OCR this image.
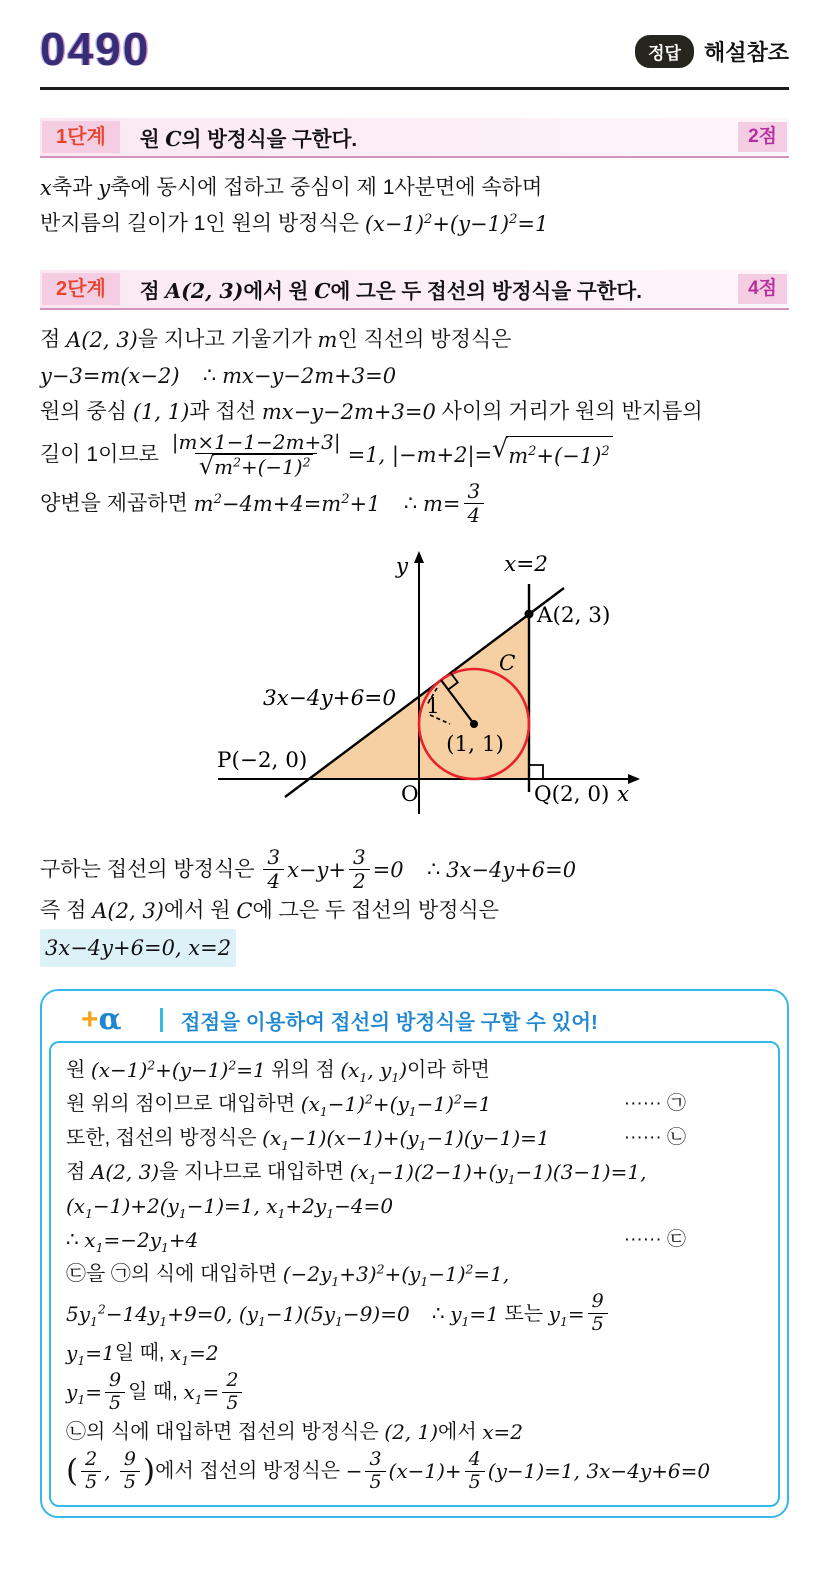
0490	정답	해설참조
1단계	원 C의 방정식을 구한다.	2점
x 축과 y 축에 동시에 접하고 중심이 제 1사분면에 속하며
반지름의 길이가 1인 원의 방정식은 $(x-1)^2+(y-1)^2=1$
2단계	점 A(2, 3)에서 원 C에 그은 두 접선의 방정식을 구한다.	4점
점 A(2, 3) 을 지나고 기울기가 m 인 직선의 방정식은
y−3=m(x−2) ∴ mx−y−2m+3=0
원의 중심 (1, 1) 과 접선 mx−y−2m+3=0 사이의 거리가 원의 반지름의
길이 1이므로 $\frac{|m\times 1-1-2m+3|}{√ m^2+(-1)^2} =1$, |−m+2|= √ $m^2+(-1)^2$
양변을 제곱하면 $m^2-4m+4=m^2+1$ ∴ $m= \frac{3}{4}$
y
x
x=2
A(2, 3)
C
3x−4y+6=0
P(−2, 0)
O	Q(2, 0)
1
(1, 1)
구하는 접선의 방정식은 3
4 $x-y+ \frac{3}{2} =0$ ∴ 3x−4y+6=0
즉 점 A(2, 3) 에서 원 C 에 그은 두 접선의 방정식은
3x−4y+6=0, x=2
+α	접점을 이용하여 접선의 방정식을 구할 수 있어!
원 $(x-1)^2+(y-1)^2=1$ 위의 점 ($x_1$, $y_1$) 이라 하면
원 위의 점이므로 대입하면 $(x_1-1)^2+(y_1-1)^2=1$	······ ㉠
또한, 접선의 방정식은 $(x_1-1)(x-1)+(y_1-1)(y-1)=1$	······ ㉡
점 A(2, 3) 을 지나므로 대입하면 $(x_1-1)(2-1)+(y_1-1)(3-1)=1$,
$(x_1-1)+2(y_1-1)=1$, $x_1+2y_1-4=0$
∴ $x_1=-2y_1+4$	······ ㉢
㉢을 ㉠의 식에 대입하면 $(-2y_1+3)^2+(y_1-1)^2=1$,
$5y_1^2-14y_1+9=0$, $(y_1-1)(5y_1-9)=0$ ∴ $y_1=1$ 또는 $y_1= \frac{9}{5}$
$y_1=1$ 일 때, $x_1=2$
$y_1= \frac{9}{5}$ 일 때, $x_1= \frac{2}{5}$
㉡의 식에 대입하면 접선의 방정식은 (2, 1) 에서 x=2
( 2
5 ,
9
5 ) 에서 접선의 방정식은 − $\frac{3}{5} (x-1)+ \frac{4}{5} (y-1)=1$, 3x−4y+6=0
